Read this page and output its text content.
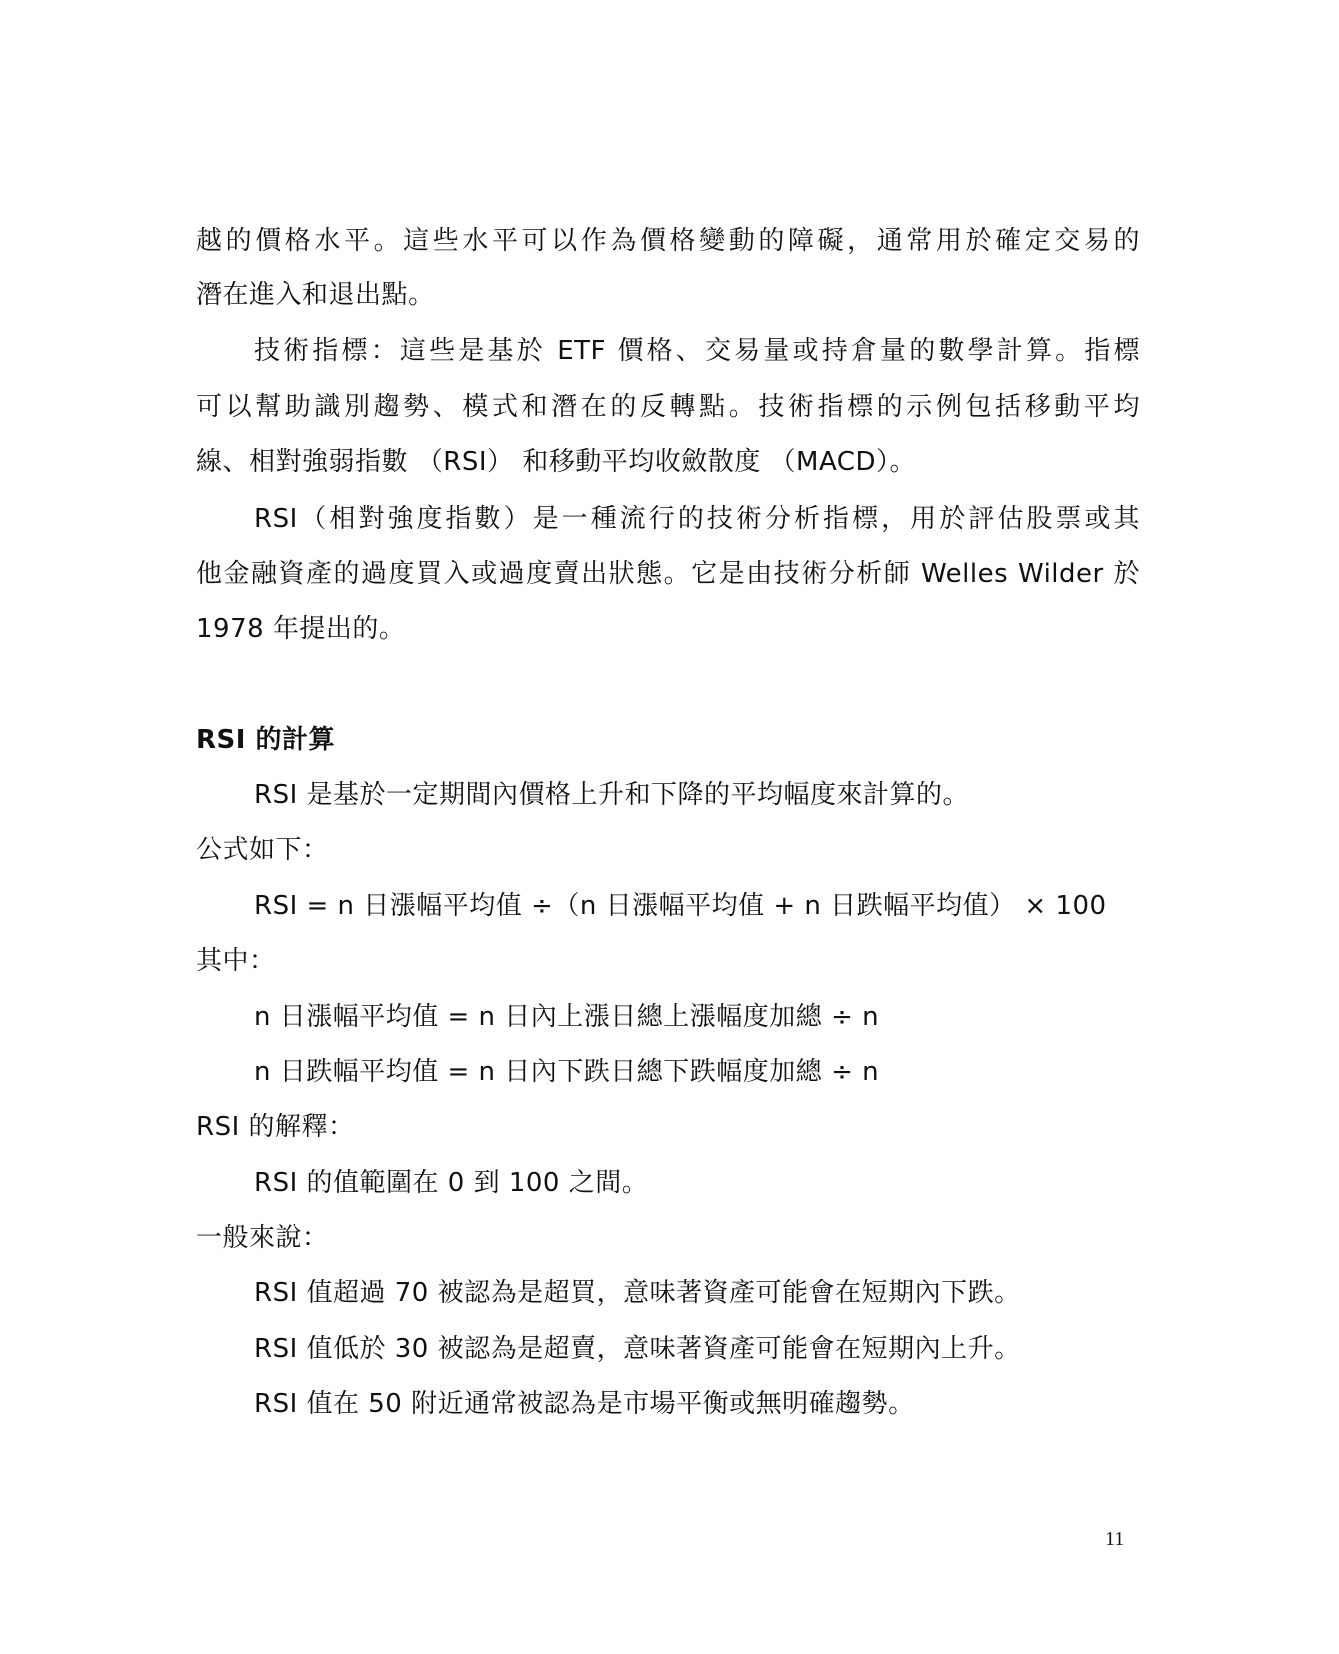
越的價格水平。這些水平可以作為價格變動的障礙，通常用於確定交易的
潛在進入和退出點。
技術指標：這些是基於 ETF 價格、交易量或持倉量的數學計算。指標
可以幫助識別趨勢、模式和潛在的反轉點。技術指標的示例包括移動平均
線、相對強弱指數 （RSI） 和移動平均收斂散度 （MACD）。
RSI（相對強度指數）是一種流行的技術分析指標，用於評估股票或其
他金融資產的過度買入或過度賣出狀態。它是由技術分析師 Welles Wilder 於
1978 年提出的。
RSI 的計算
RSI 是基於一定期間內價格上升和下降的平均幅度來計算的。
公式如下：
RSI = n 日漲幅平均值 ÷（n 日漲幅平均值 + n 日跌幅平均值） × 100
其中：
n 日漲幅平均值 = n 日內上漲日總上漲幅度加總 ÷ n
n 日跌幅平均值 = n 日內下跌日總下跌幅度加總 ÷ n
RSI 的解釋：
RSI 的值範圍在 0 到 100 之間。
一般來說：
RSI 值超過 70 被認為是超買，意味著資產可能會在短期內下跌。
RSI 值低於 30 被認為是超賣，意味著資產可能會在短期內上升。
RSI 值在 50 附近通常被認為是市場平衡或無明確趨勢。
11
